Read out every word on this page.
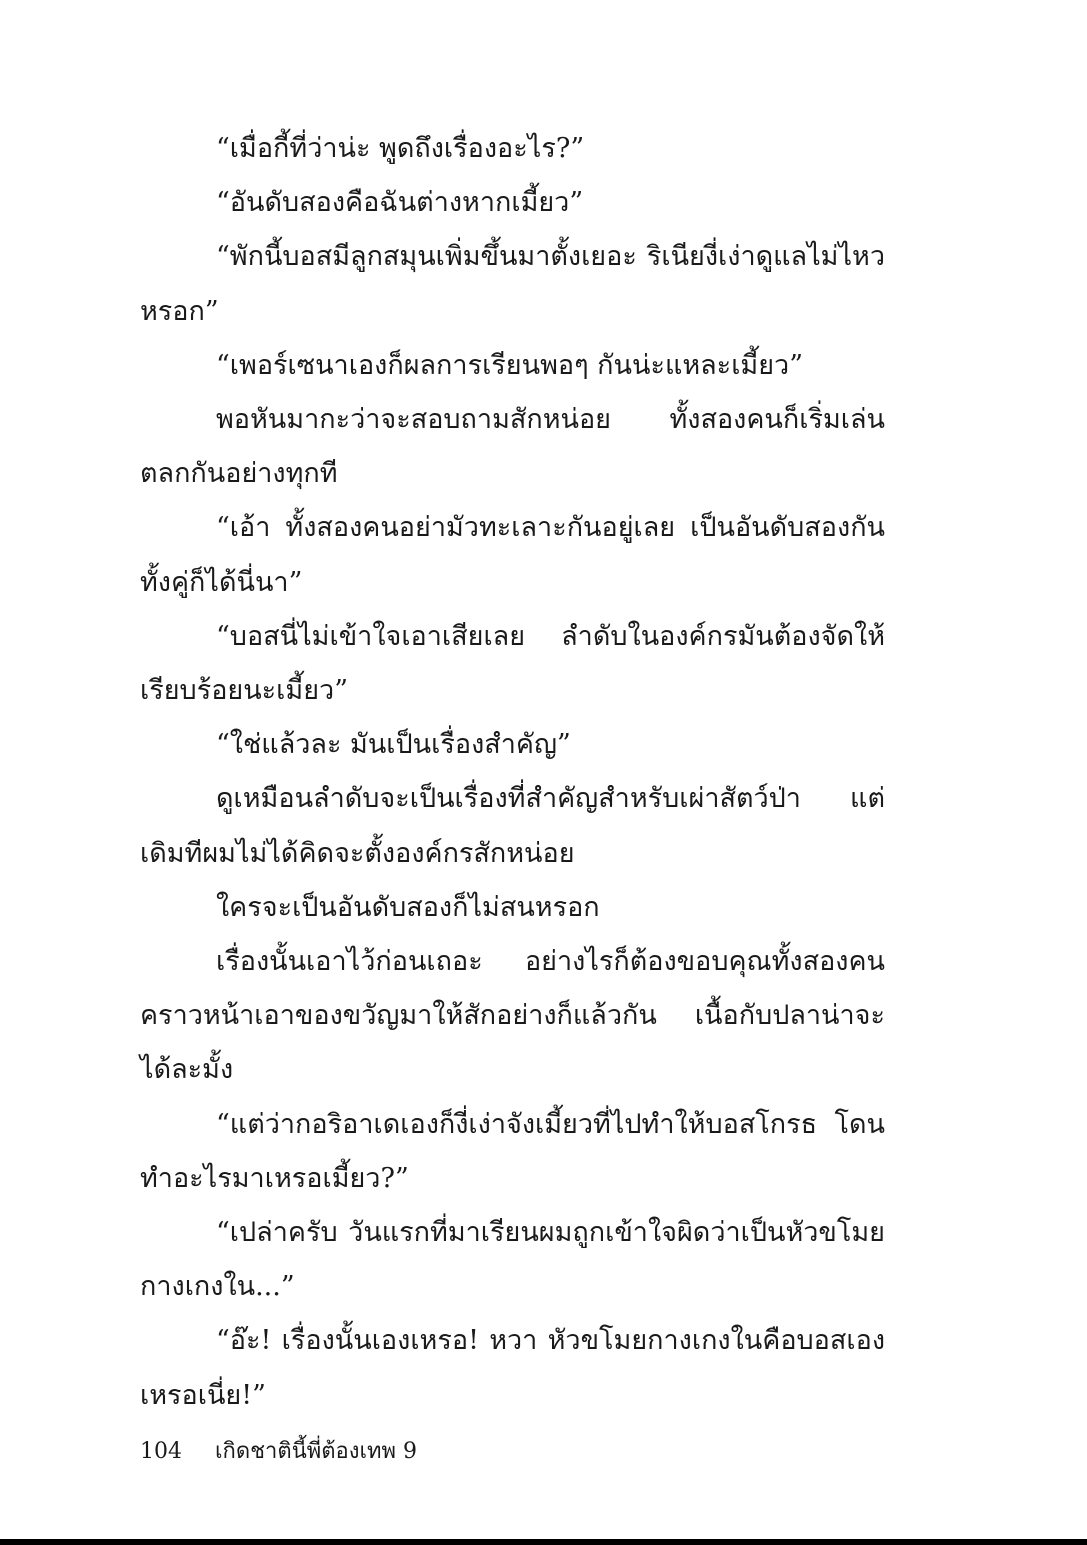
“เมื่อกี้ที่ว่าน่ะ พูดถึงเรื่องอะไร?”

“อันดับสองคือฉันต่างหากเมี้ยว”

“พักนี้บอสมีลูกสมุนเพิ่มขึ้นมาตั้งเยอะ ริเนียงี่เง่าดูแลไม่ไหวหรอก”

“เพอร์เซนาเองก็ผลการเรียนพอๆ กันน่ะแหละเมี้ยว”

พอหันมากะว่าจะสอบถามสักหน่อย ทั้งสองคนก็เริ่มเล่นตลกกันอย่างทุกที

“เอ้า ทั้งสองคนอย่ามัวทะเลาะกันอยู่เลย เป็นอันดับสองกันทั้งคู่ก็ได้นี่นา”

“บอสนี่ไม่เข้าใจเอาเสียเลย ลำดับในองค์กรมันต้องจัดให้เรียบร้อยนะเมี้ยว”

“ใช่แล้วละ มันเป็นเรื่องสำคัญ”

ดูเหมือนลำดับจะเป็นเรื่องที่สำคัญสำหรับเผ่าสัตว์ป่า แต่เดิมทีผมไม่ได้คิดจะตั้งองค์กรสักหน่อย

ใครจะเป็นอันดับสองก็ไม่สนหรอก

เรื่องนั้นเอาไว้ก่อนเถอะ อย่างไรก็ต้องขอบคุณทั้งสองคน คราวหน้าเอาของขวัญมาให้สักอย่างก็แล้วกัน เนื้อกับปลาน่าจะได้ละมั้ง

“แต่ว่ากอริอาเดเองก็งี่เง่าจังเมี้ยวที่ไปทำให้บอสโกรธ โดนทำอะไรมาเหรอเมี้ยว?”

“เปล่าครับ วันแรกที่มาเรียนผมถูกเข้าใจผิดว่าเป็นหัวขโมยกางเกงใน...”

“อ๊ะ! เรื่องนั้นเองเหรอ! หวา หัวขโมยกางเกงในคือบอสเองเหรอเนี่ย!”

104 เกิดชาตินี้พี่ต้องเทพ 9
